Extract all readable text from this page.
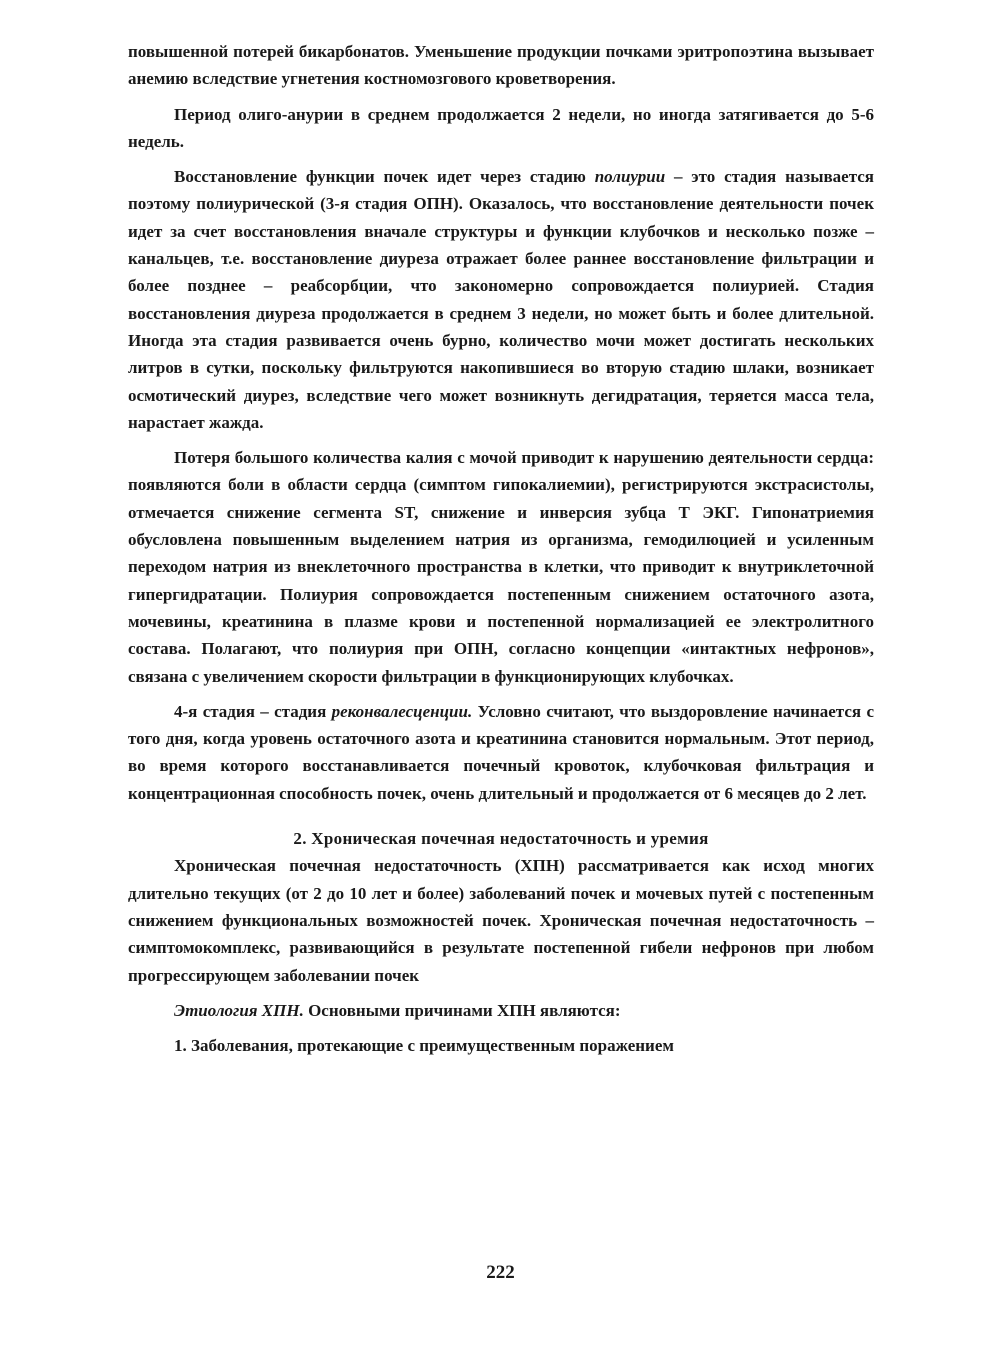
повышенной потерей бикарбонатов. Уменьшение продукции почками эритропоэтина вызывает анемию вследствие угнетения костномозгового кроветворения.

Период олиго-анурии в среднем продолжается 2 недели, но иногда затягивается до 5-6 недель.

Восстановление функции почек идет через стадию полиурии – это стадия называется поэтому полиурической (3-я стадия ОПН). Оказалось, что восстановление деятельности почек идет за счет восстановления вначале структуры и функции клубочков и несколько позже – канальцев, т.е. восстановление диуреза отражает более раннее восстановление фильтрации и более позднее – реабсорбции, что закономерно сопровождается полиурией. Стадия восстановления диуреза продолжается в среднем 3 недели, но может быть и более длительной. Иногда эта стадия развивается очень бурно, количество мочи может достигать нескольких литров в сутки, поскольку фильтруются накопившиеся во вторую стадию шлаки, возникает осмотический диурез, вследствие чего может возникнуть дегидратация, теряется масса тела, нарастает жажда.

Потеря большого количества калия с мочой приводит к нарушению деятельности сердца: появляются боли в области сердца (симптом гипокалиемии), регистрируются экстрасистолы, отмечается снижение сегмента ST, снижение и инверсия зубца Т ЭКГ. Гипонатриемия обусловлена повышенным выделением натрия из организма, гемодилюцией и усиленным переходом натрия из внеклеточного пространства в клетки, что приводит к внутриклеточной гипергидратации. Полиурия сопровождается постепенным снижением остаточного азота, мочевины, креатинина в плазме крови и постепенной нормализацией ее электролитного состава. Полагают, что полиурия при ОПН, согласно концепции «интактных нефронов», связана с увеличением скорости фильтрации в функционирующих клубочках.

4-я стадия – стадия реконвалесценции. Условно считают, что выздоровление начинается с того дня, когда уровень остаточного азота и креатинина становится нормальным. Этот период, во время которого восстанавливается почечный кровоток, клубочковая фильтрация и концентрационная способность почек, очень длительный и продолжается от 6 месяцев до 2 лет.

2. Хроническая почечная недостаточность и уремия

Хроническая почечная недостаточность (ХПН) рассматривается как исход многих длительно текущих (от 2 до 10 лет и более) заболеваний почек и мочевых путей с постепенным снижением функциональных возможностей почек. Хроническая почечная недостаточность – симптомокомплекс, развивающийся в результате постепенной гибели нефронов при любом прогрессирующем заболевании почек

Этиология ХПН. Основными причинами ХПН являются:

1. Заболевания, протекающие с преимущественным поражением

222
